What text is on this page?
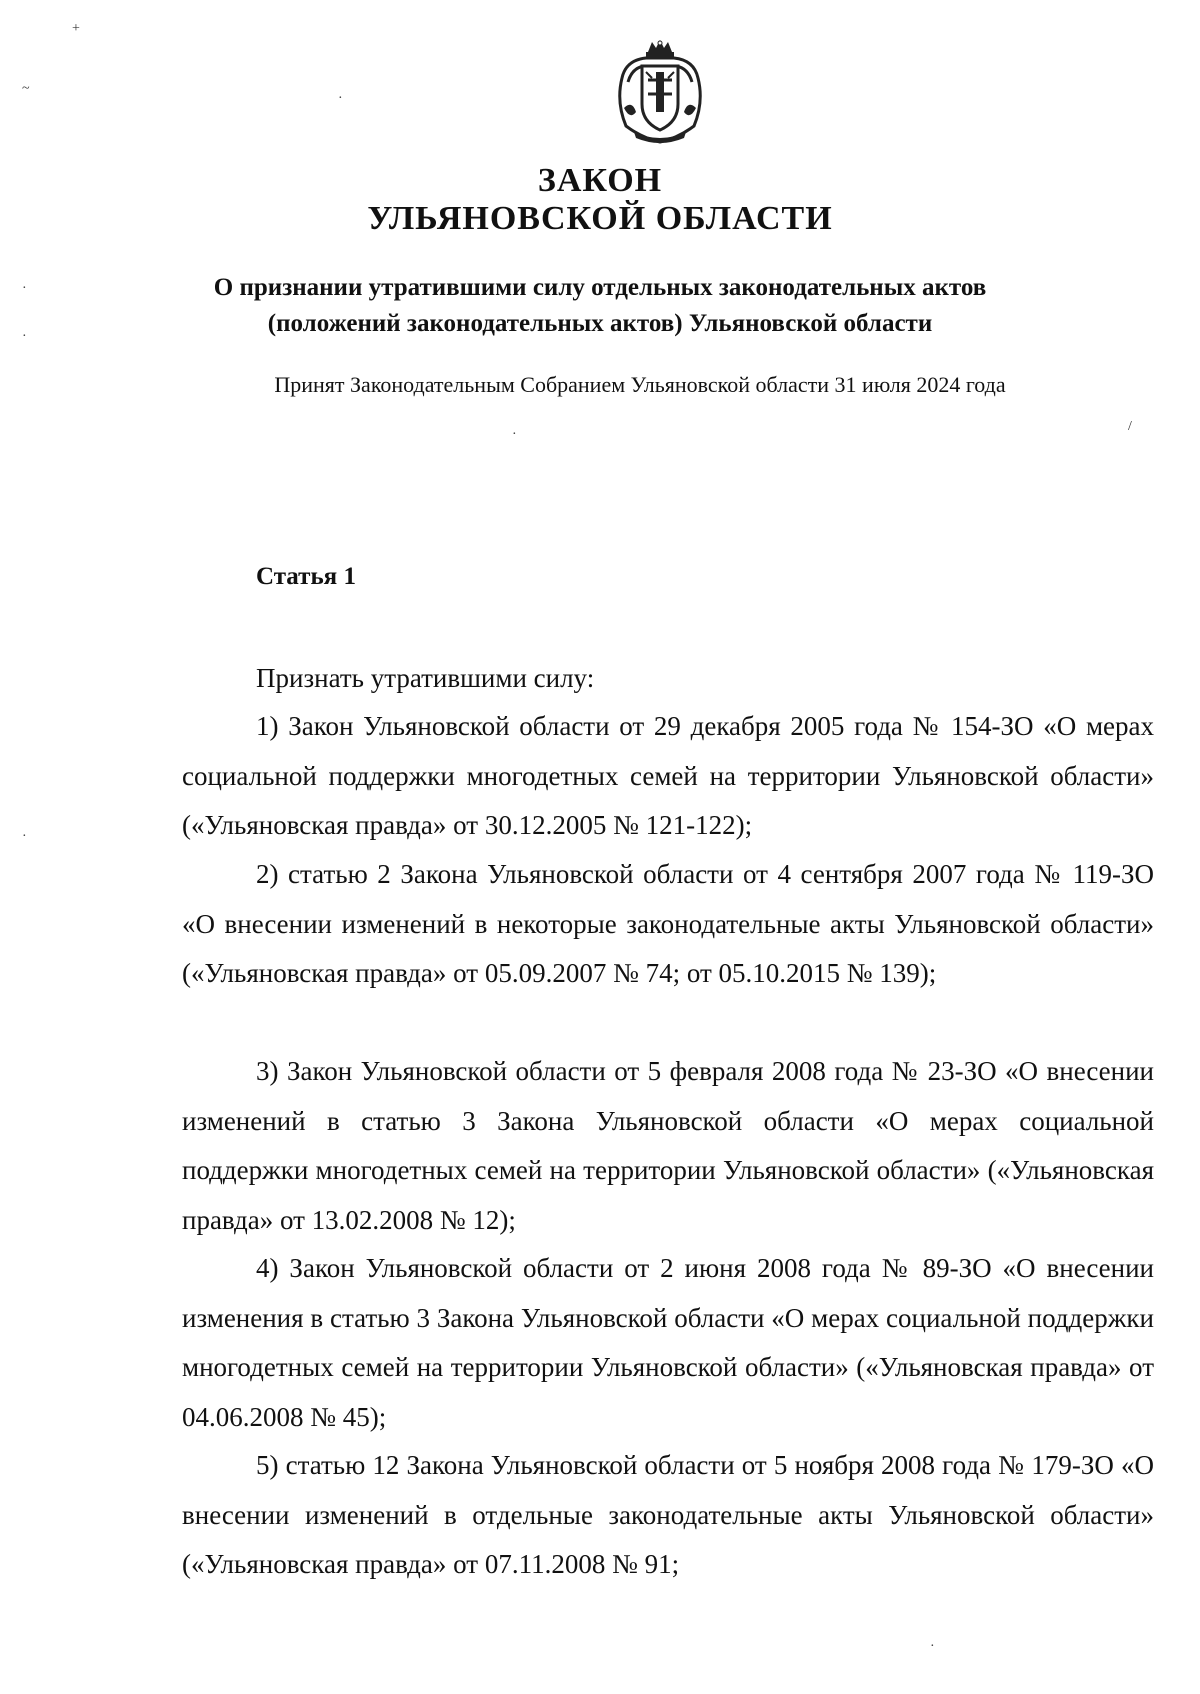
ЗАКОН
УЛЬЯНОВСКОЙ ОБЛАСТИ
О признании утратившими силу отдельных законодательных актов (положений законодательных актов) Ульяновской области
Принят Законодательным Собранием Ульяновской области 31 июля 2024 года
Статья 1
Признать утратившими силу:
1) Закон Ульяновской области от 29 декабря 2005 года № 154-ЗО «О мерах социальной поддержки многодетных семей на территории Ульяновской области» («Ульяновская правда» от 30.12.2005 № 121-122);
2) статью 2 Закона Ульяновской области от 4 сентября 2007 года № 119-ЗО «О внесении изменений в некоторые законодательные акты Ульяновской области» («Ульяновская правда» от 05.09.2007 № 74; от 05.10.2015 № 139);
3) Закон Ульяновской области от 5 февраля 2008 года № 23-ЗО «О внесении изменений в статью 3 Закона Ульяновской области «О мерах социальной поддержки многодетных семей на территории Ульяновской области» («Ульяновская правда» от 13.02.2008 № 12);
4) Закон Ульяновской области от 2 июня 2008 года № 89-ЗО «О внесении изменения в статью 3 Закона Ульяновской области «О мерах социальной поддержки многодетных семей на территории Ульяновской области» («Ульяновская правда» от 04.06.2008 № 45);
5) статью 12 Закона Ульяновской области от 5 ноября 2008 года № 179-ЗО «О внесении изменений в отдельные законодательные акты Ульяновской области» («Ульяновская правда» от 07.11.2008 № 91;
+
~
·
·
·
·
·
/
·
